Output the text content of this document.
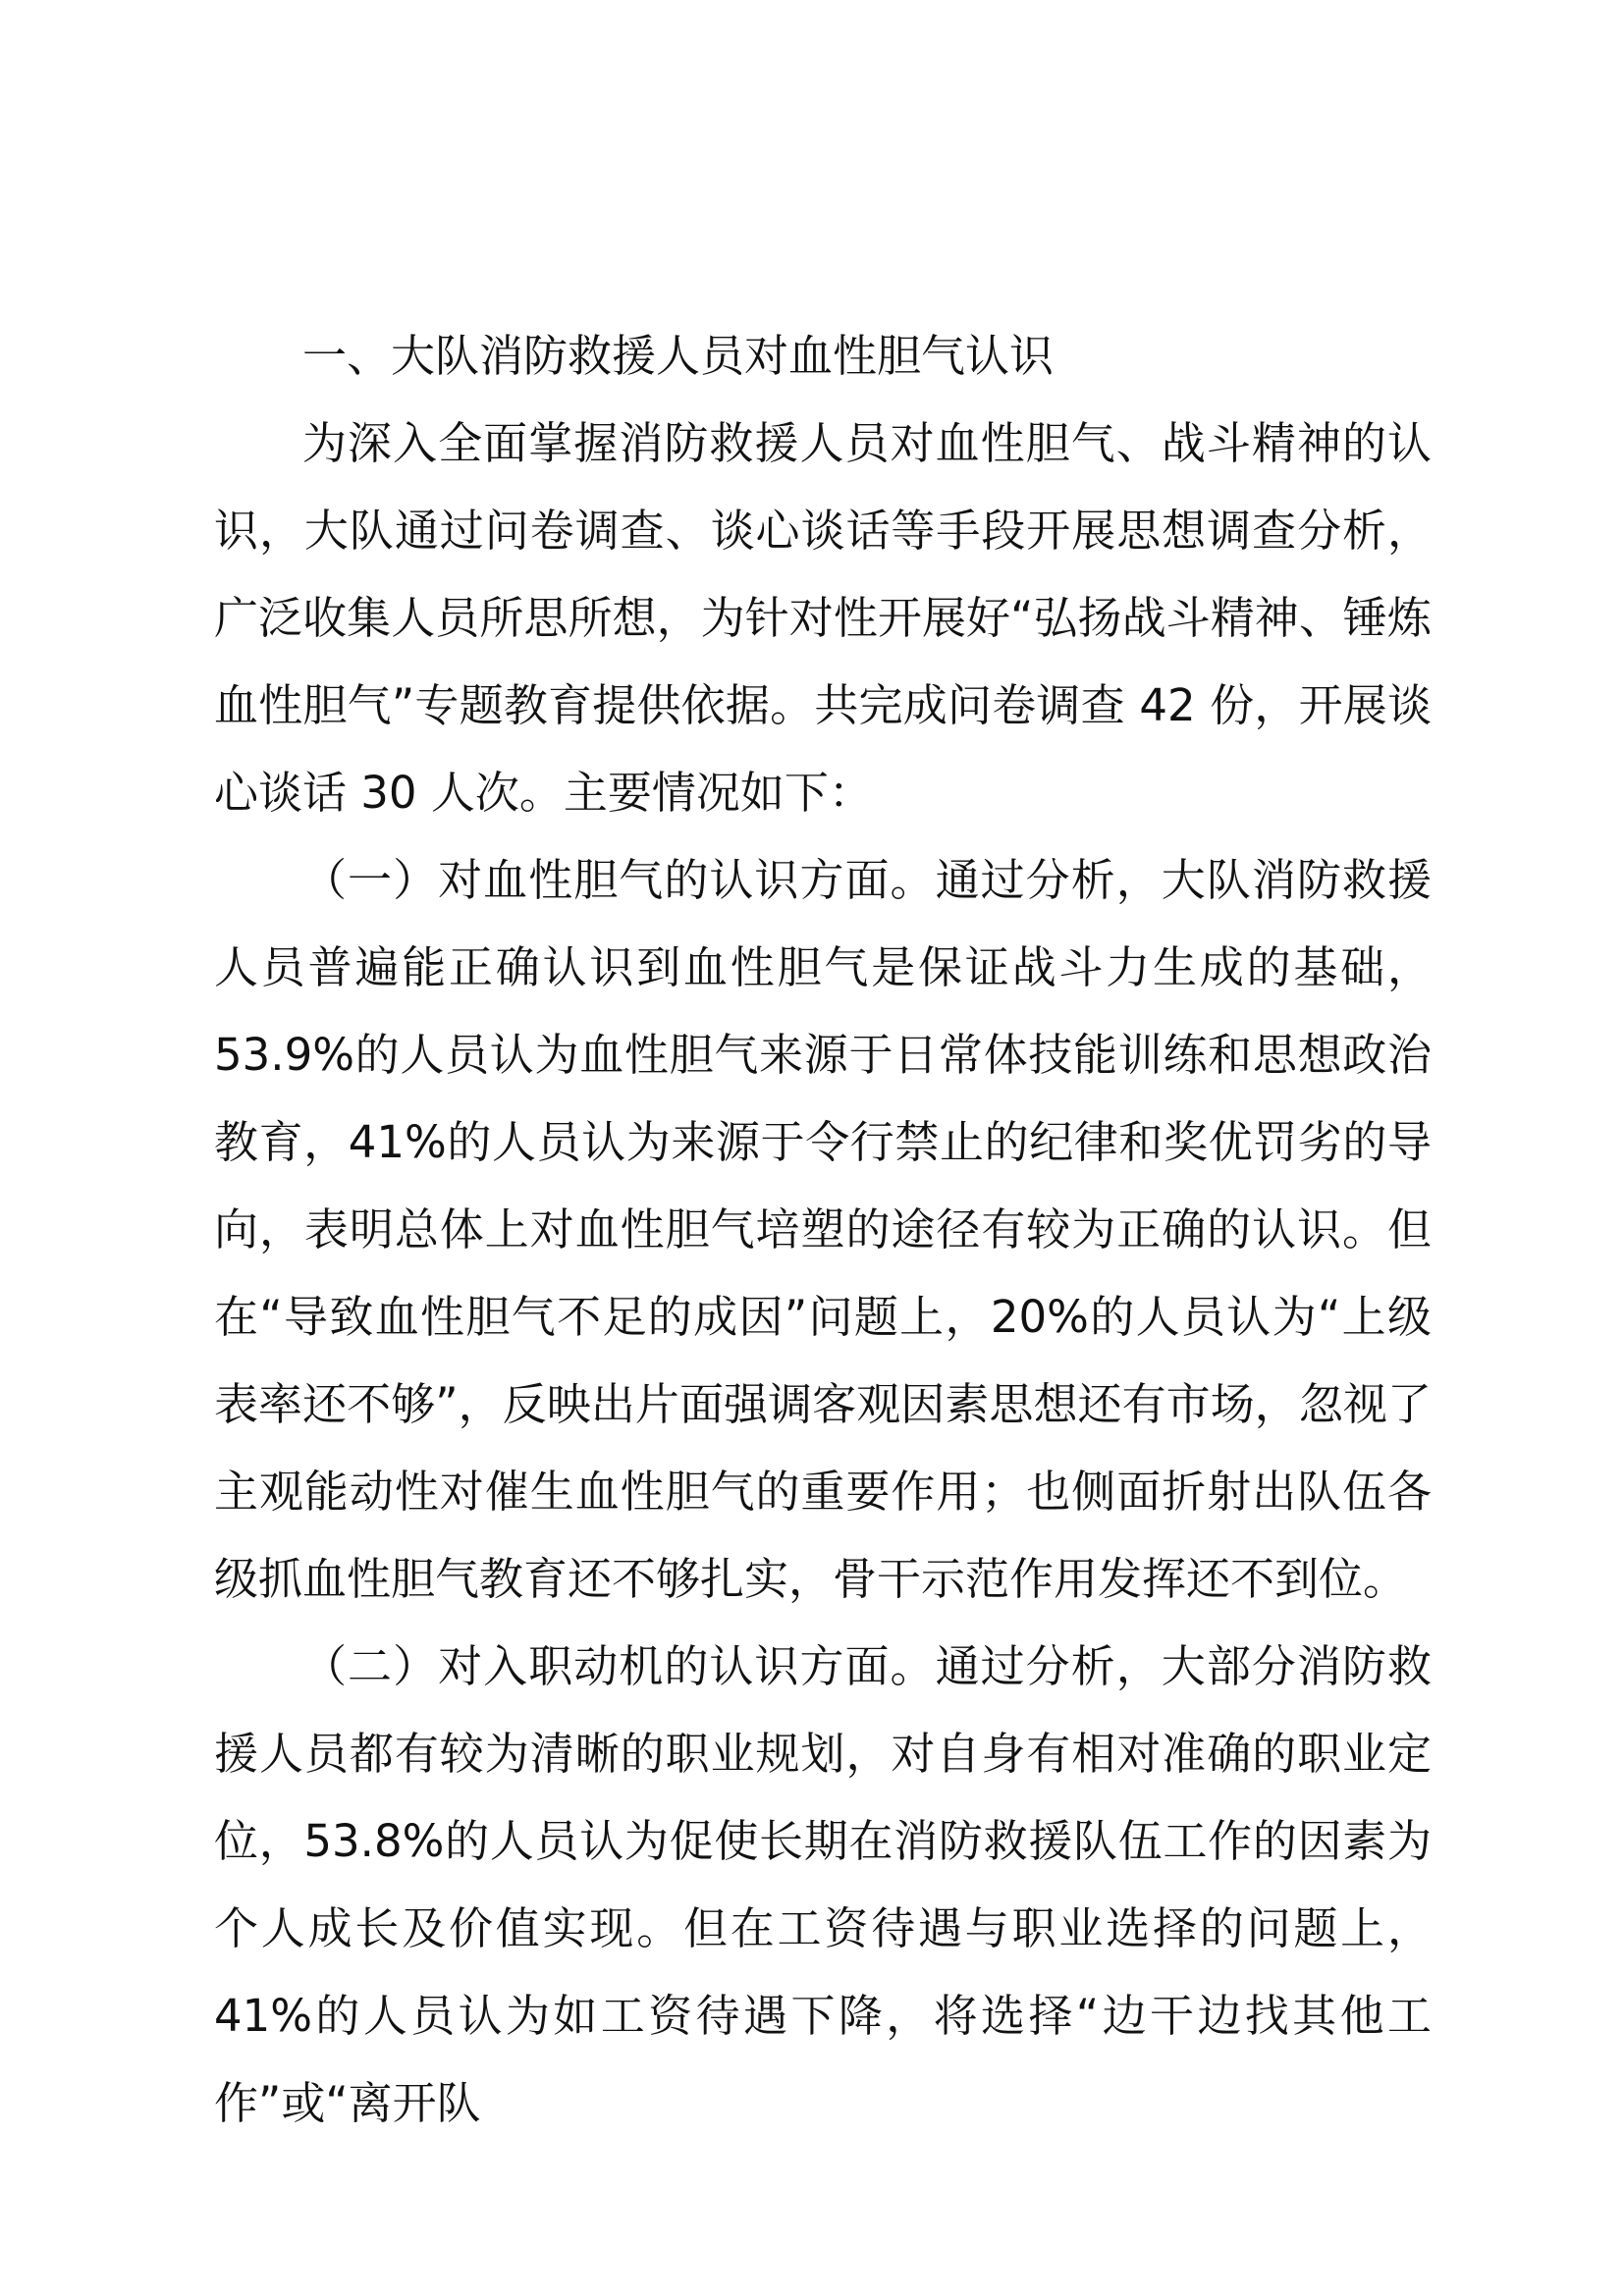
一、大队消防救援人员对血性胆气认识

为深入全面掌握消防救援人员对血性胆气、战斗精神的认识，大队通过问卷调查、谈心谈话等手段开展思想调查分析，广泛收集人员所思所想，为针对性开展好“弘扬战斗精神、锤炼血性胆气”专题教育提供依据。共完成问卷调查 42 份，开展谈心谈话 30 人次。主要情况如下：

（一）对血性胆气的认识方面。通过分析，大队消防救援人员普遍能正确认识到血性胆气是保证战斗力生成的基础，53.9%的人员认为血性胆气来源于日常体技能训练和思想政治教育，41%的人员认为来源于令行禁止的纪律和奖优罚劣的导向，表明总体上对血性胆气培塑的途径有较为正确的认识。但在“导致血性胆气不足的成因”问题上，20%的人员认为“上级表率还不够”，反映出片面强调客观因素思想还有市场，忽视了主观能动性对催生血性胆气的重要作用；也侧面折射出队伍各级抓血性胆气教育还不够扎实，骨干示范作用发挥还不到位。

（二）对入职动机的认识方面。通过分析，大部分消防救援人员都有较为清晰的职业规划，对自身有相对准确的职业定位，53.8%的人员认为促使长期在消防救援队伍工作的因素为个人成长及价值实现。但在工资待遇与职业选择的问题上，41%的人员认为如工资待遇下降，将选择“边干边找其他工作”或“离开队
